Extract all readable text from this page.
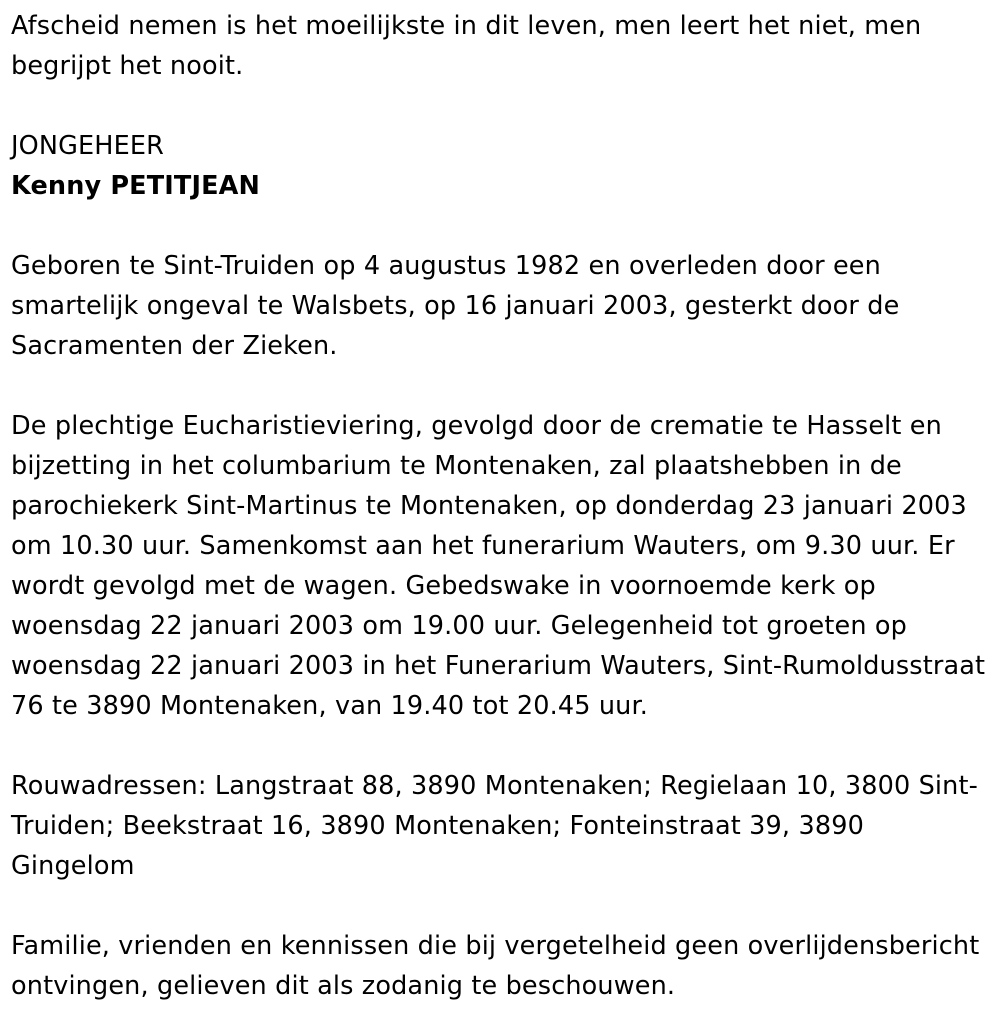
Afscheid nemen is het moeilijkste in dit leven, men leert het niet, men begrijpt het nooit.

JONGEHEER

Kenny PETITJEAN

Geboren te Sint-Truiden op 4 augustus 1982 en overleden door een smartelijk ongeval te Walsbets, op 16 januari 2003, gesterkt door de Sacramenten der Zieken.

De plechtige Eucharistieviering, gevolgd door de crematie te Hasselt en bijzetting in het columbarium te Montenaken, zal plaatshebben in de parochiekerk Sint-Martinus te Montenaken, op donderdag 23 januari 2003 om 10.30 uur. Samenkomst aan het funerarium Wauters, om 9.30 uur. Er wordt gevolgd met de wagen. Gebedswake in voornoemde kerk op woensdag 22 januari 2003 om 19.00 uur. Gelegenheid tot groeten op woensdag 22 januari 2003 in het Funerarium Wauters, Sint-Rumoldusstraat 76 te 3890 Montenaken, van 19.40 tot 20.45 uur.

Rouwadressen: Langstraat 88, 3890 Montenaken; Regielaan 10, 3800 Sint-Truiden; Beekstraat 16, 3890 Montenaken; Fonteinstraat 39, 3890 Gingelom

Familie, vrienden en kennissen die bij vergetelheid geen overlijdensbericht ontvingen, gelieven dit als zodanig te beschouwen.
